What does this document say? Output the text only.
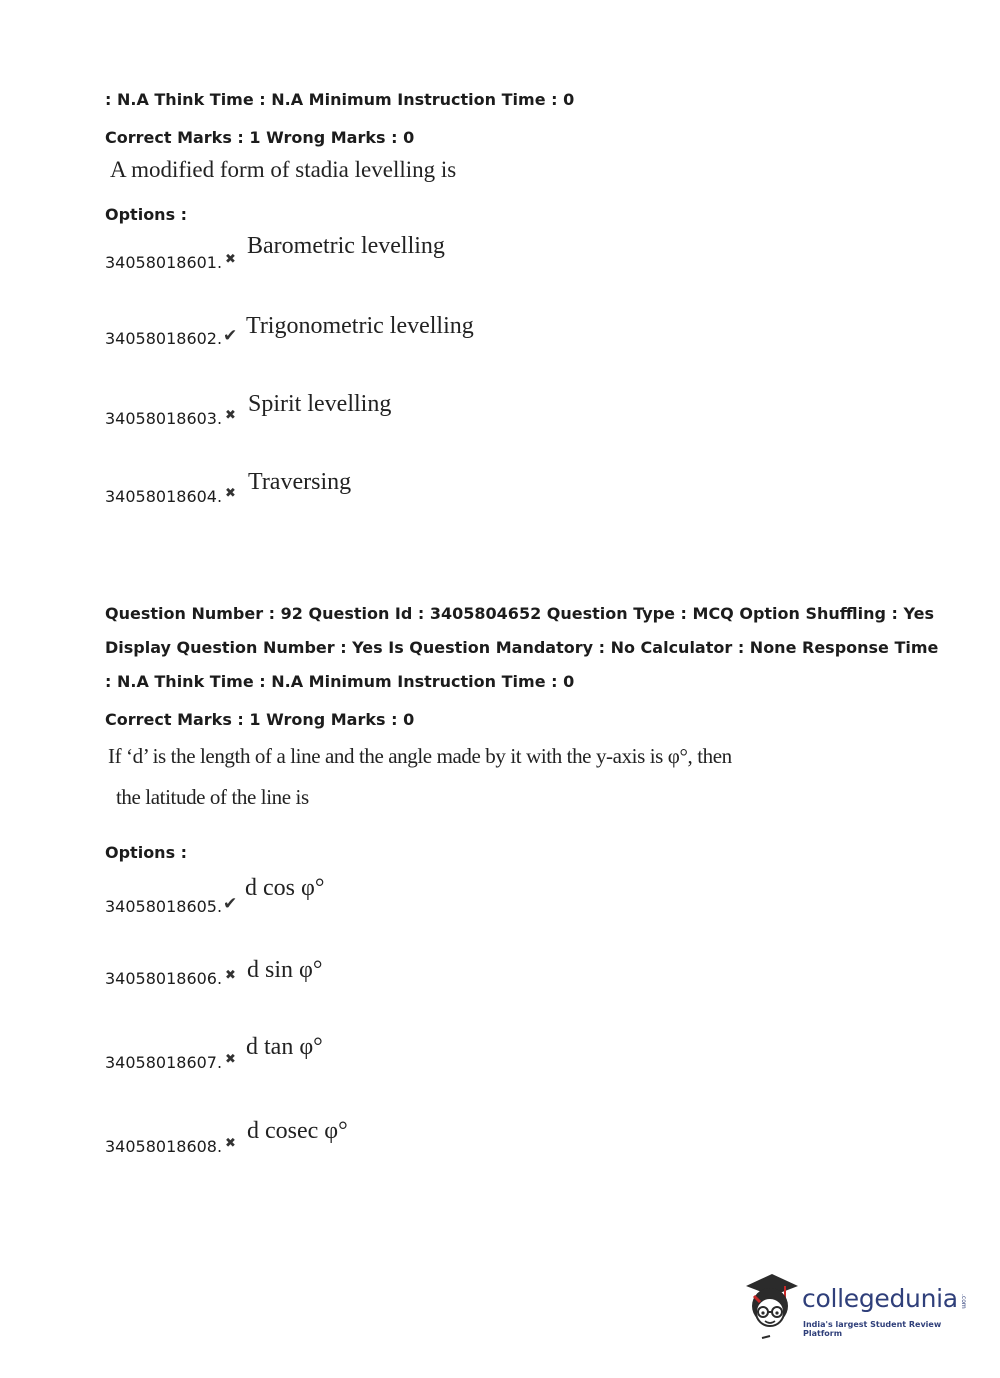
: N.A Think Time : N.A Minimum Instruction Time : 0

Correct Marks : 1 Wrong Marks : 0

A modified form of stadia levelling is

Options :

34058018601. ✖

Barometric levelling

34058018602. ✔ Trigonometric levelling

34058018603. ✖ Spirit levelling

34058018604. ✖ Traversing

Question Number : 92 Question Id : 3405804652 Question Type : MCQ Option Shuffling : Yes

Display Question Number : Yes Is Question Mandatory : No Calculator : None Response Time

: N.A Think Time : N.A Minimum Instruction Time : 0

Correct Marks : 1 Wrong Marks : 0

If ‘d’ is the length of a line and the angle made by it with the y-axis is φ°, then

the latitude of the line is

Options :

34058018605. ✔

d cos φ°

34058018606. ✖ d sin φ°

34058018607. ✖ d tan φ°

34058018608. ✖ d cosec φ°

collegedunia

India's largest Student Review Platform

.com
